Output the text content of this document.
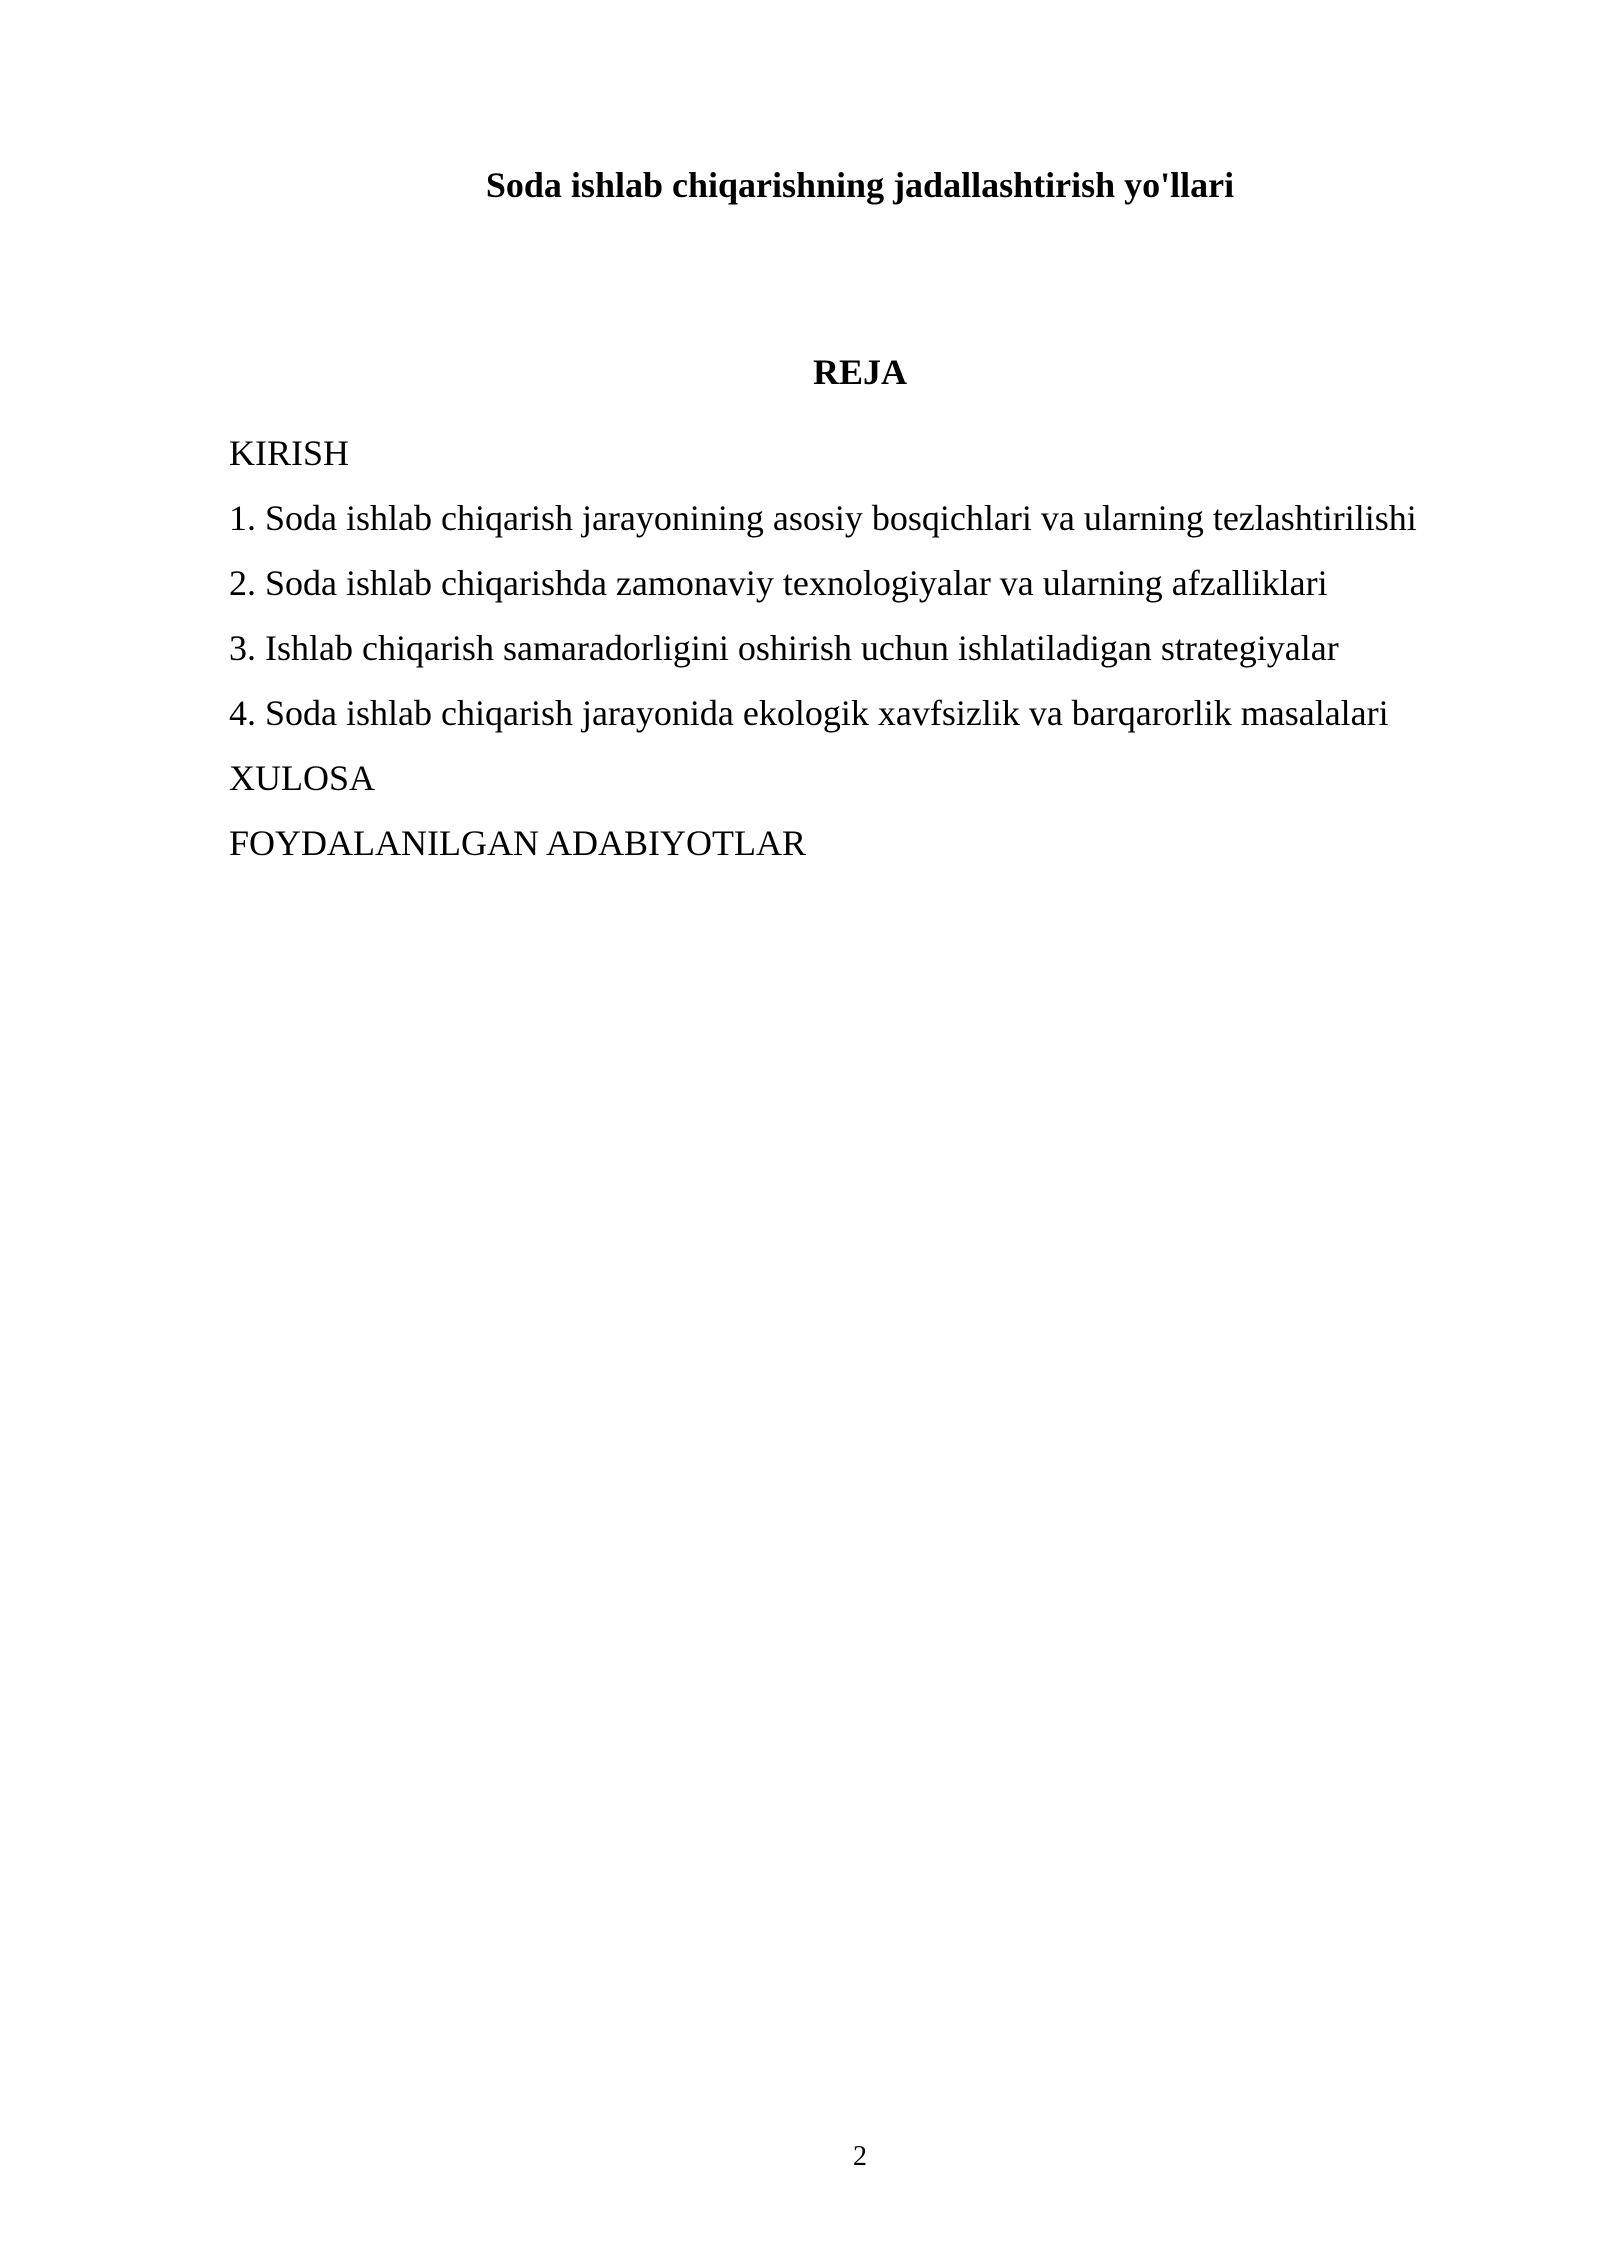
Soda ishlab chiqarishning jadallashtirish yo'llari
REJA
KIRISH
1. Soda ishlab chiqarish jarayonining asosiy bosqichlari va ularning tezlashtirilishi
2. Soda ishlab chiqarishda zamonaviy texnologiyalar va ularning afzalliklari
3. Ishlab chiqarish samaradorligini oshirish uchun ishlatiladigan strategiyalar
4. Soda ishlab chiqarish jarayonida ekologik xavfsizlik va barqarorlik masalalari
XULOSA
FOYDALANILGAN ADABIYOTLAR
2
